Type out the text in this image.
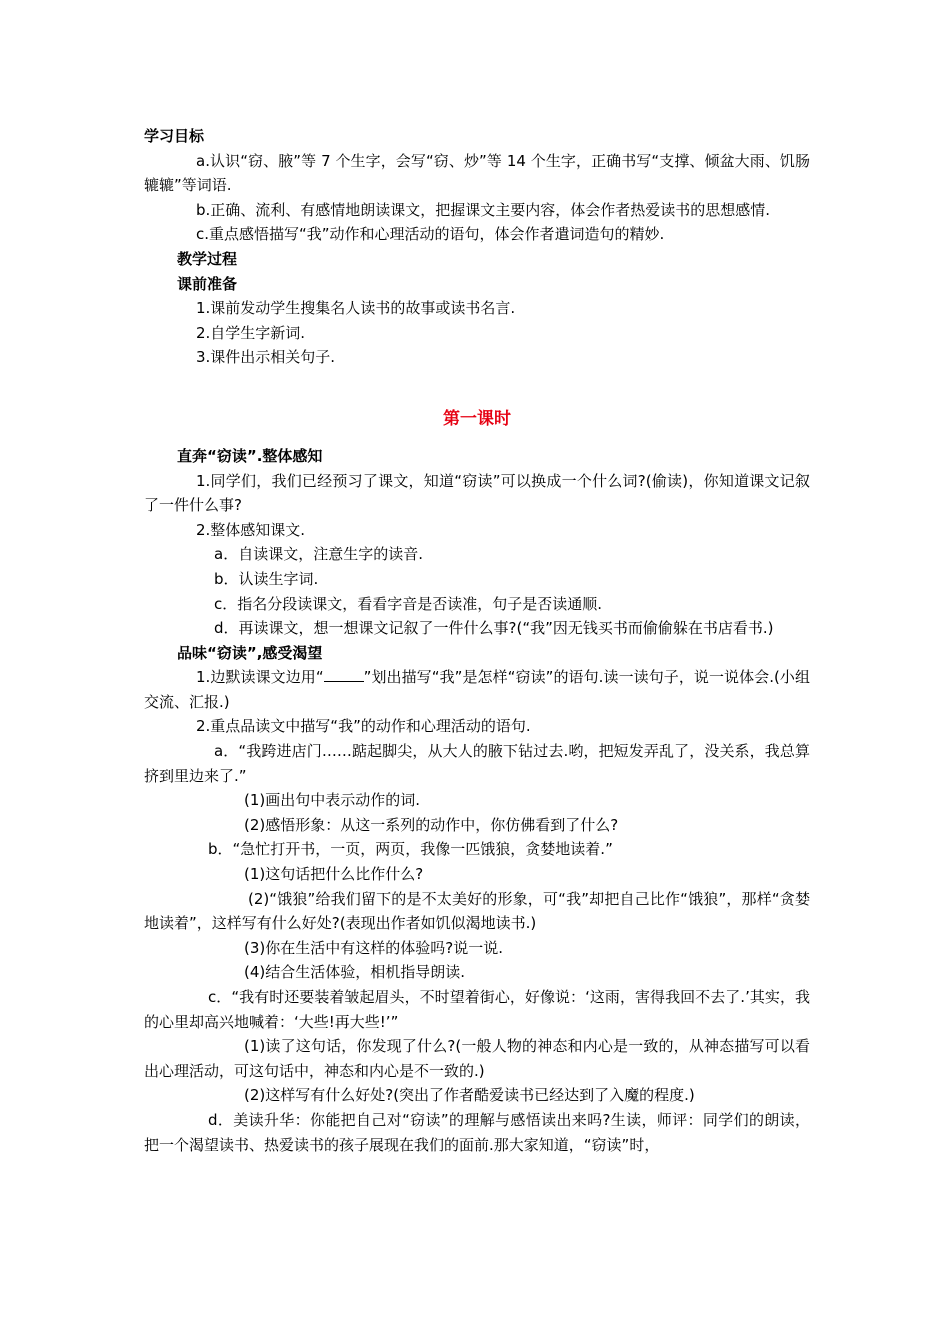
学习目标

a.认识“窃、腋”等 7 个生字，会写“窃、炒”等 14 个生字，正确书写“支撑、倾盆大雨、饥肠辘辘”等词语.

b.正确、流利、有感情地朗读课文，把握课文主要内容，体会作者热爱读书的思想感情.

c.重点感悟描写“我”动作和心理活动的语句，体会作者遣词造句的精妙.

教学过程

课前准备

1.课前发动学生搜集名人读书的故事或读书名言.

2.自学生字新词.

3.课件出示相关句子.

第一课时

直奔“窃读”.整体感知

1.同学们，我们已经预习了课文，知道“窃读”可以换成一个什么词?(偷读)，你知道课文记叙了一件什么事?

2.整体感知课文.

a．自读课文，注意生字的读音.

b．认读生字词.

c．指名分段读课文，看看字音是否读准，句子是否读通顺.

d．再读课文，想一想课文记叙了一件什么事?(“我”因无钱买书而偷偷躲在书店看书.)

品味“窃读”,感受渴望

1.边默读课文边用“	”划出描写“我”是怎样“窃读”的语句.读一读句子，说一说体会.(小组交流、汇报.)

2.重点品读文中描写“我”的动作和心理活动的语句.

a．“我跨进店门……踮起脚尖，从大人的腋下钻过去.哟，把短发弄乱了，没关系，我总算挤到里边来了.”

(1)画出句中表示动作的词.

(2)感悟形象：从这一系列的动作中，你仿佛看到了什么?

b．“急忙打开书，一页，两页，我像一匹饿狼，贪婪地读着.”

(1)这句话把什么比作什么?

(2)“饿狼”给我们留下的是不太美好的形象，可“我”却把自己比作“饿狼”，那样“贪婪地读着”，这样写有什么好处?(表现出作者如饥似渴地读书.)

(3)你在生活中有这样的体验吗?说一说.

(4)结合生活体验，相机指导朗读.

c．“我有时还要装着皱起眉头，不时望着街心，好像说：‘这雨，害得我回不去了.’其实，我的心里却高兴地喊着：‘大些!再大些!’”

(1)读了这句话，你发现了什么?(一般人物的神态和内心是一致的，从神态描写可以看出心理活动，可这句话中，神态和内心是不一致的.)

(2)这样写有什么好处?(突出了作者酷爱读书已经达到了入魔的程度.)

d．美读升华：你能把自己对“窃读”的理解与感悟读出来吗?生读，师评：同学们的朗读，把一个渴望读书、热爱读书的孩子展现在我们的面前.那大家知道，“窃读”时，
